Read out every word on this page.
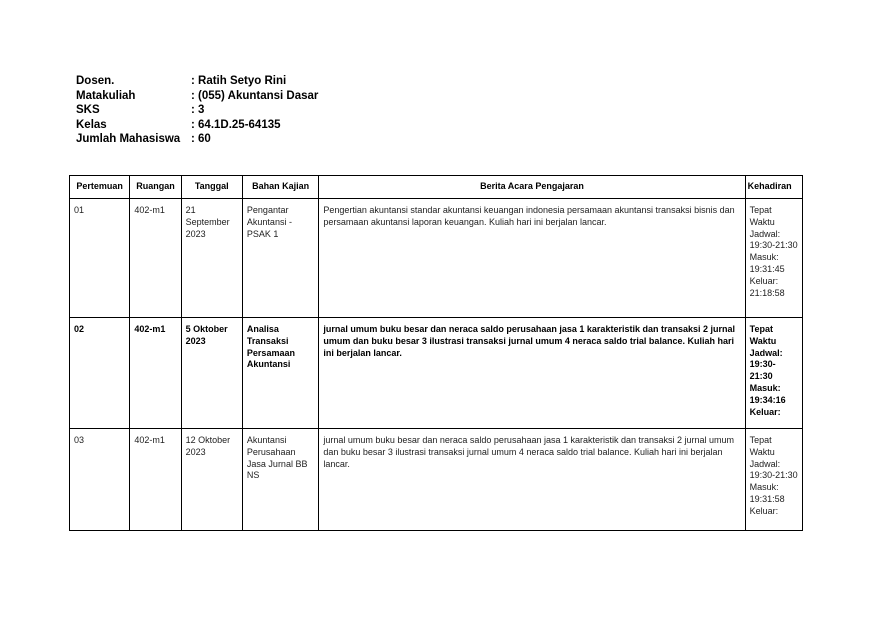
Dosen.	: Ratih Setyo Rini
Matakuliah	: (055) Akuntansi Dasar
SKS	: 3
Kelas	: 64.1D.25-64135
Jumlah Mahasiswa : 60
Pertemuan	Ruangan	Tanggal	Bahan Kajian	Berita Acara Pengajaran	Kehadiran
01	402-m1	21 September 2023	Pengantar Akuntansi - PSAK 1	Pengertian akuntansi standar akuntansi keuangan indonesia persamaan akuntansi transaksi bisnis dan persamaan akuntansi laporan keuangan. Kuliah hari ini berjalan lancar.	Tepat Waktu Jadwal: 19:30-21:30 Masuk: 19:31:45 Keluar: 21:18:58
02	402-m1	5 Oktober 2023	Analisa Transaksi Persamaan Akuntansi	jurnal umum buku besar dan neraca saldo perusahaan jasa 1 karakteristik dan transaksi 2 jurnal umum dan buku besar 3 ilustrasi transaksi jurnal umum 4 neraca saldo trial balance. Kuliah hari ini berjalan lancar.	Tepat Waktu Jadwal: 19:30-21:30 Masuk: 19:34:16 Keluar:
03	402-m1	12 Oktober 2023	Akuntansi Perusahaan Jasa Jurnal BB NS	jurnal umum buku besar dan neraca saldo perusahaan jasa 1 karakteristik dan transaksi 2 jurnal umum dan buku besar 3 ilustrasi transaksi jurnal umum 4 neraca saldo trial balance. Kuliah hari ini berjalan lancar.	Tepat Waktu Jadwal: 19:30-21:30 Masuk: 19:31:58 Keluar:
